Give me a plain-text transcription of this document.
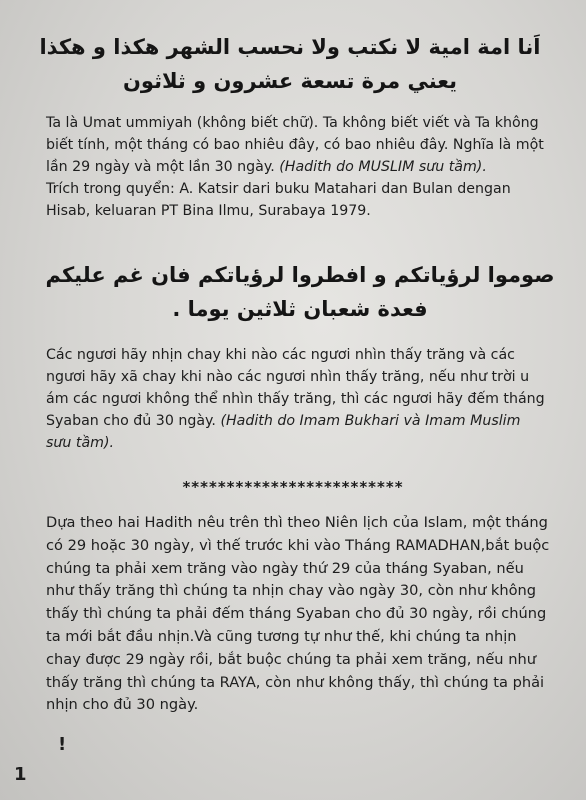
اَنا امة امية لا نكتب ولا نحسب الشهر هكذا و هكذا يعني مرة تسعة عشرون و ثلاثون
Ta là Umat ummiyah (không biết chữ). Ta không biết viết và Ta không biết tính, một tháng có bao nhiêu đây, có bao nhiêu đây. Nghĩa là một lần 29 ngày và một lần 30 ngày. (Hadith do MUSLIM sưu tầm).
Trích trong quyển: A. Katsir dari buku Matahari dan Bulan dengan Hisab, keluaran PT Bina Ilmu, Surabaya 1979.
صوموا لرؤياتكم و افطروا لرؤياتكم فان غم عليكم فعدة شعبان ثلاثين يوما .
Các ngươi hãy nhịn chay khi nào các ngươi nhìn thấy trăng và các ngươi hãy xã chay khi nào các ngươi nhìn thấy trăng, nếu như trời u ám các ngươi không thể nhìn thấy trăng, thì các ngươi hãy đếm tháng Syaban cho đủ 30 ngày. (Hadith do Imam Bukhari và Imam Muslim sưu tầm).
*************************
Dựa theo hai Hadith nêu trên thì theo Niên lịch của Islam, một tháng có 29 hoặc 30 ngày, vì thế trước khi vào Tháng RAMADHAN,bắt buộc chúng ta phải xem trăng vào ngày thứ 29 của tháng Syaban, nếu như thấy trăng thì chúng ta nhịn chay vào ngày 30, còn như không thấy thì chúng ta phải đếm tháng Syaban cho đủ 30 ngày, rồi chúng ta mới bắt đầu nhịn.Và cũng tương tự như thế, khi chúng ta nhịn chay được 29 ngày rồi, bắt buộc chúng ta phải xem trăng, nếu như thấy trăng thì chúng ta RAYA, còn như không thấy, thì chúng ta phải nhịn cho đủ 30 ngày.
!
1
